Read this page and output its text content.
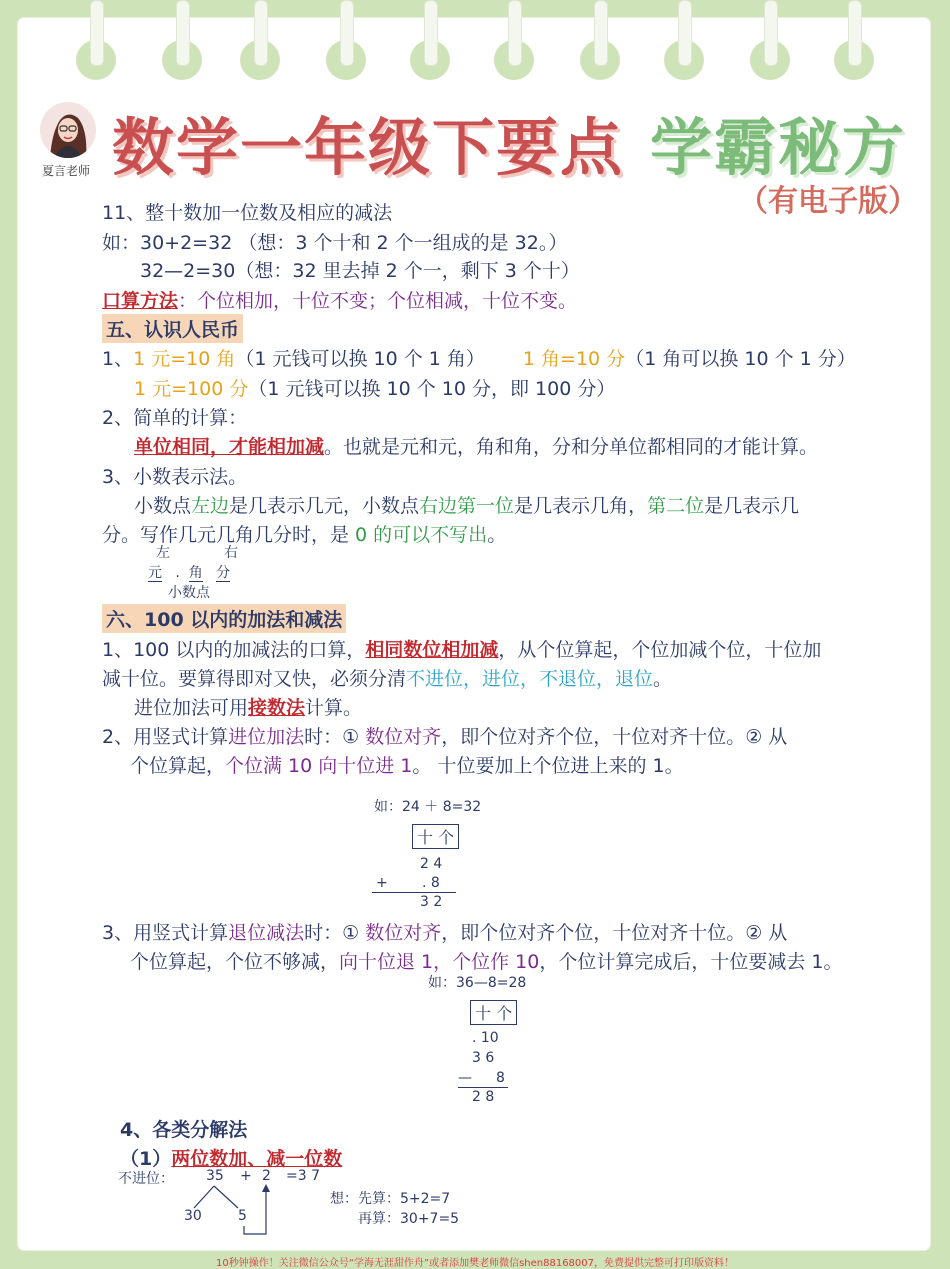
夏言老师 数学一年级下要点 学霸秘方
（有电子版）
11、整十数加一位数及相应的减法
如：30+2=32 （想：3 个十和 2 个一组成的是 32。）
32—2=30（想：32 里去掉 2 个一，剩下 3 个十）
口算方法：个位相加，十位不变；个位相减，十位不变。
五、认识人民币
1、1 元=10 角（1 元钱可以换 10 个 1 角） 1 角=10 分（1 角可以换 10 个 1 分）
1 元=100 分（1 元钱可以换 10 个 10 分，即 100 分）
2、简单的计算：
单位相同，才能相加减。也就是元和元，角和角，分和分单位都相同的才能计算。
3、小数表示法。
小数点左边是几表示几元，小数点右边第一位是几表示几角，第二位是几表示几
分。写作几元几角几分时，是 0 的可以不写出。
左	右
元 . 角 分
小数点
六、100 以内的加法和减法
1、100 以内的加减法的口算，相同数位相加减，从个位算起，个位加减个位，十位加
减十位。要算得即对又快，必须分清不进位，进位，不退位，退位。
进位加法可用接数法计算。
2、用竖式计算进位加法时：① 数位对齐，即个位对齐个位，十位对齐十位。② 从
个位算起，个位满 10 向十位进 1。 十位要加上个位进上来的 1。
如：24 ＋ 8=32
十 个
2 4
+ . 8
3 2
3、用竖式计算退位减法时：① 数位对齐，即个位对齐个位，十位对齐十位。② 从
个位算起，个位不够减，向十位退 1，个位作 10，个位计算完成后，十位要减去 1。
如：36—8=28
十 个
. 10
3 6
— 8
2 8
4、各类分解法
（1）两位数加、减一位数
不进位： 35 + 2 =3 7
30	5
想：先算：5+2=7
再算：30+7=5
10秒钟操作！关注微信公众号“学海无涯甜作舟”或者添加樊老师微信shen88168007，免费提供完整可打印版资料！
